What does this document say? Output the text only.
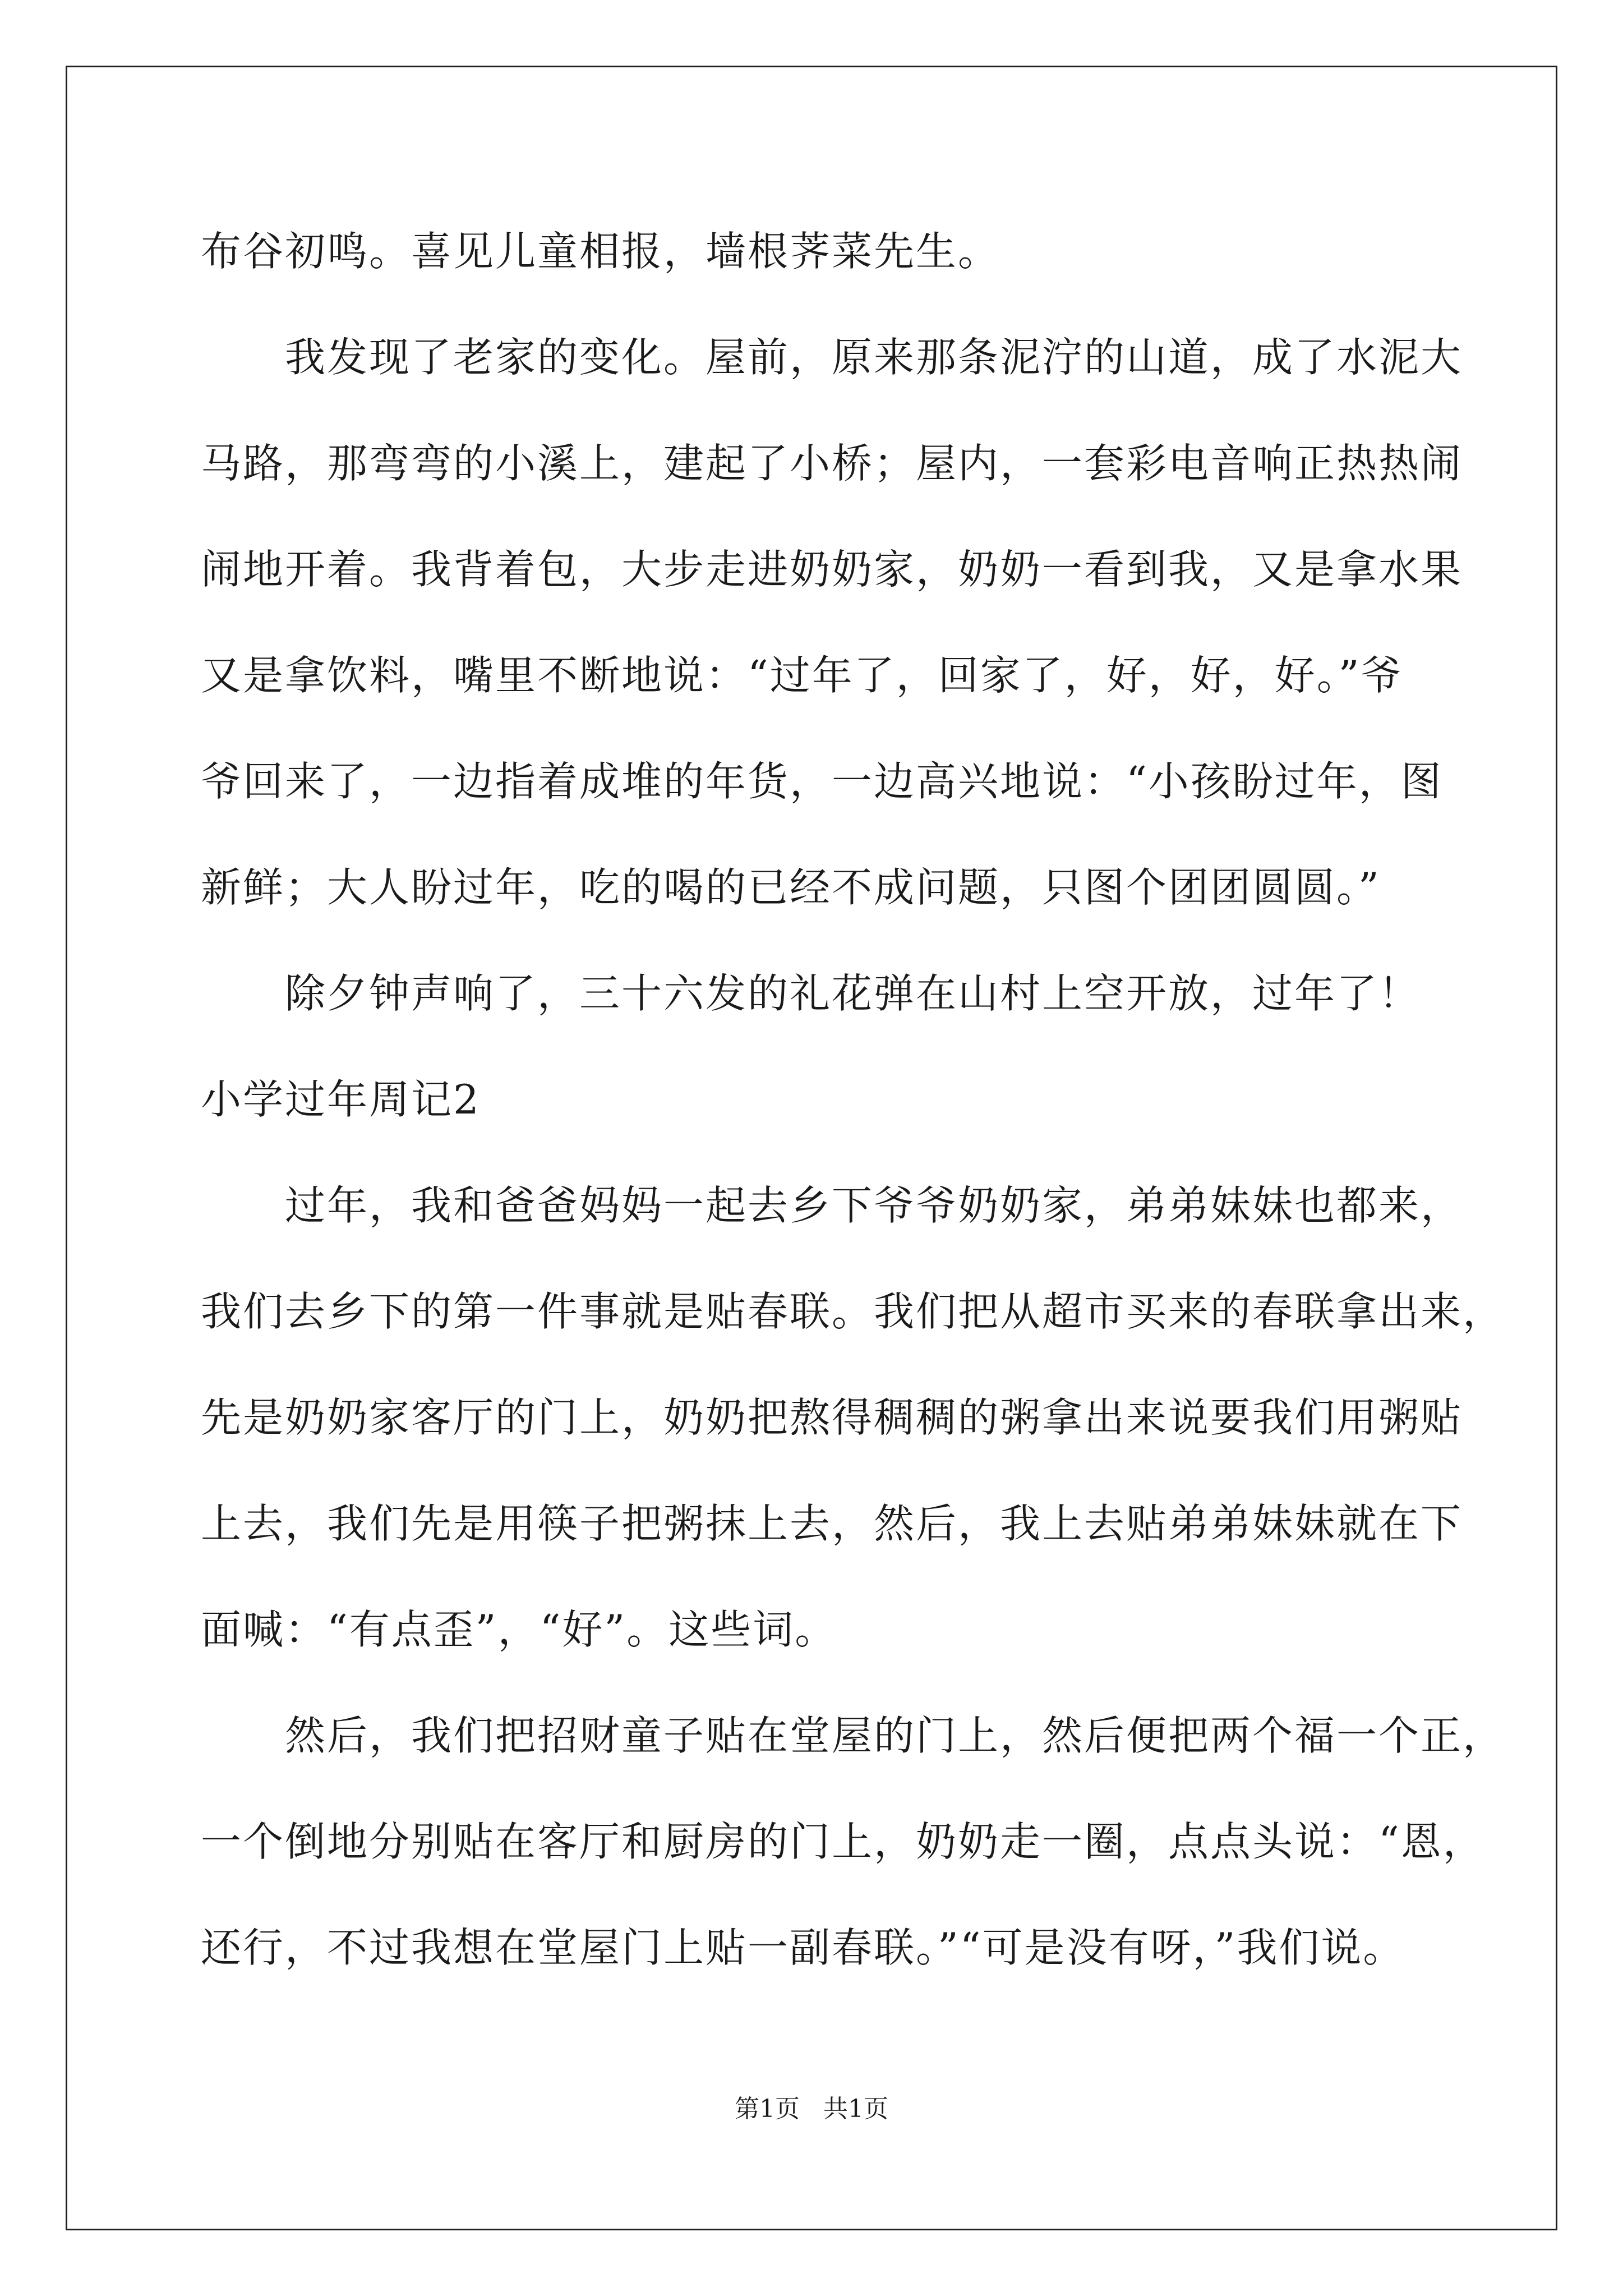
布谷初鸣。喜见儿童相报，墙根荠菜先生。
　　我发现了老家的变化。屋前，原来那条泥泞的山道，成了水泥大
马路，那弯弯的小溪上，建起了小桥；屋内，一套彩电音响正热热闹
闹地开着。我背着包，大步走进奶奶家，奶奶一看到我，又是拿水果
又是拿饮料，嘴里不断地说：“过年了，回家了，好，好，好。”爷
爷回来了，一边指着成堆的年货，一边高兴地说：“小孩盼过年，图
新鲜；大人盼过年，吃的喝的已经不成问题，只图个团团圆圆。”
　　除夕钟声响了，三十六发的礼花弹在山村上空开放，过年了！
小学过年周记2
　　过年，我和爸爸妈妈一起去乡下爷爷奶奶家，弟弟妹妹也都来，
我们去乡下的第一件事就是贴春联。我们把从超市买来的春联拿出来，
先是奶奶家客厅的门上，奶奶把熬得稠稠的粥拿出来说要我们用粥贴
上去，我们先是用筷子把粥抹上去，然后，我上去贴弟弟妹妹就在下
面喊：“有点歪”，“好”。这些词。
　　然后，我们把招财童子贴在堂屋的门上，然后便把两个福一个正，
一个倒地分别贴在客厅和厨房的门上，奶奶走一圈，点点头说：“恩，
还行，不过我想在堂屋门上贴一副春联。”“可是没有呀，”我们说。
第1页 共1页
